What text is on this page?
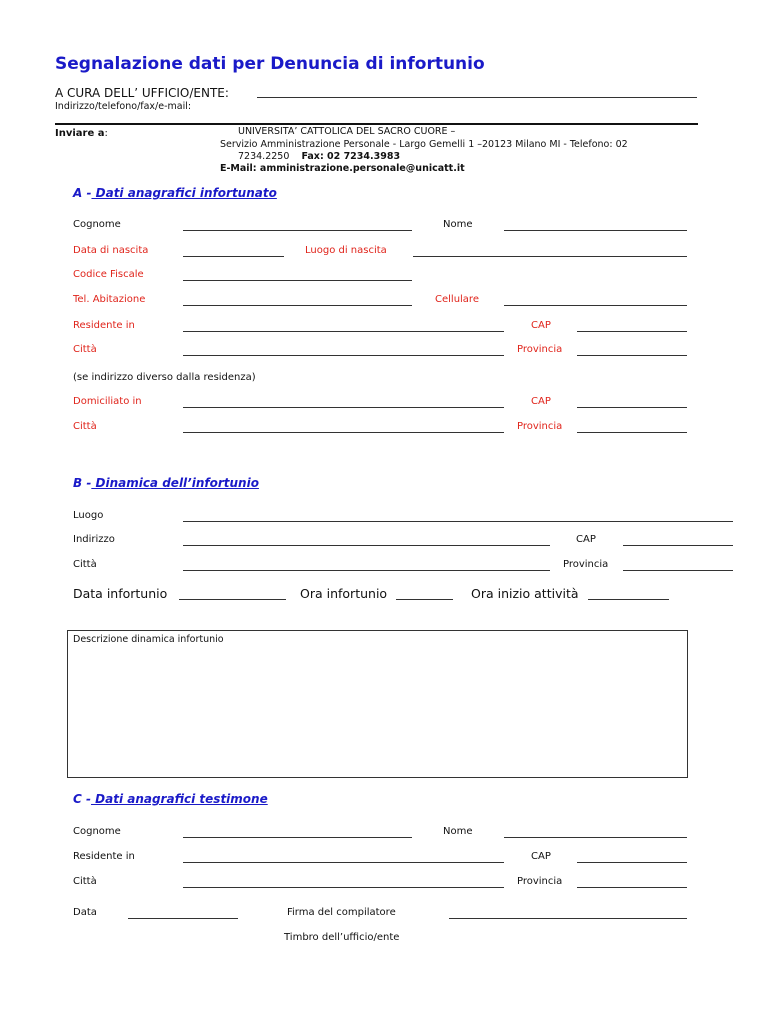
Segnalazione dati per Denuncia di infortunio
A CURA DELL’ UFFICIO/ENTE:
Indirizzo/telefono/fax/e-mail:
Inviare a:	UNIVERSITA’ CATTOLICA DEL SACRO CUORE –
Servizio Amministrazione Personale - Largo Gemelli 1 –20123 Milano MI - Telefono: 02
7234.2250 Fax: 02 7234.3983
E-Mail: amministrazione.personale@unicatt.it
A - Dati anagrafici infortunato
Cognome	Nome
Data di nascita	Luogo di nascita
Codice Fiscale
Tel. Abitazione	Cellulare
Residente in	CAP
Città	Provincia
(se indirizzo diverso dalla residenza)
Domiciliato in	CAP
Città	Provincia
B - Dinamica dell’infortunio
Luogo
Indirizzo	CAP
Città	Provincia
Data infortunio	Ora infortunio	Ora inizio attività
Descrizione dinamica infortunio
C - Dati anagrafici testimone
Cognome	Nome
Residente in	CAP
Città	Provincia
Data	Firma del compilatore
Timbro dell’ufficio/ente
